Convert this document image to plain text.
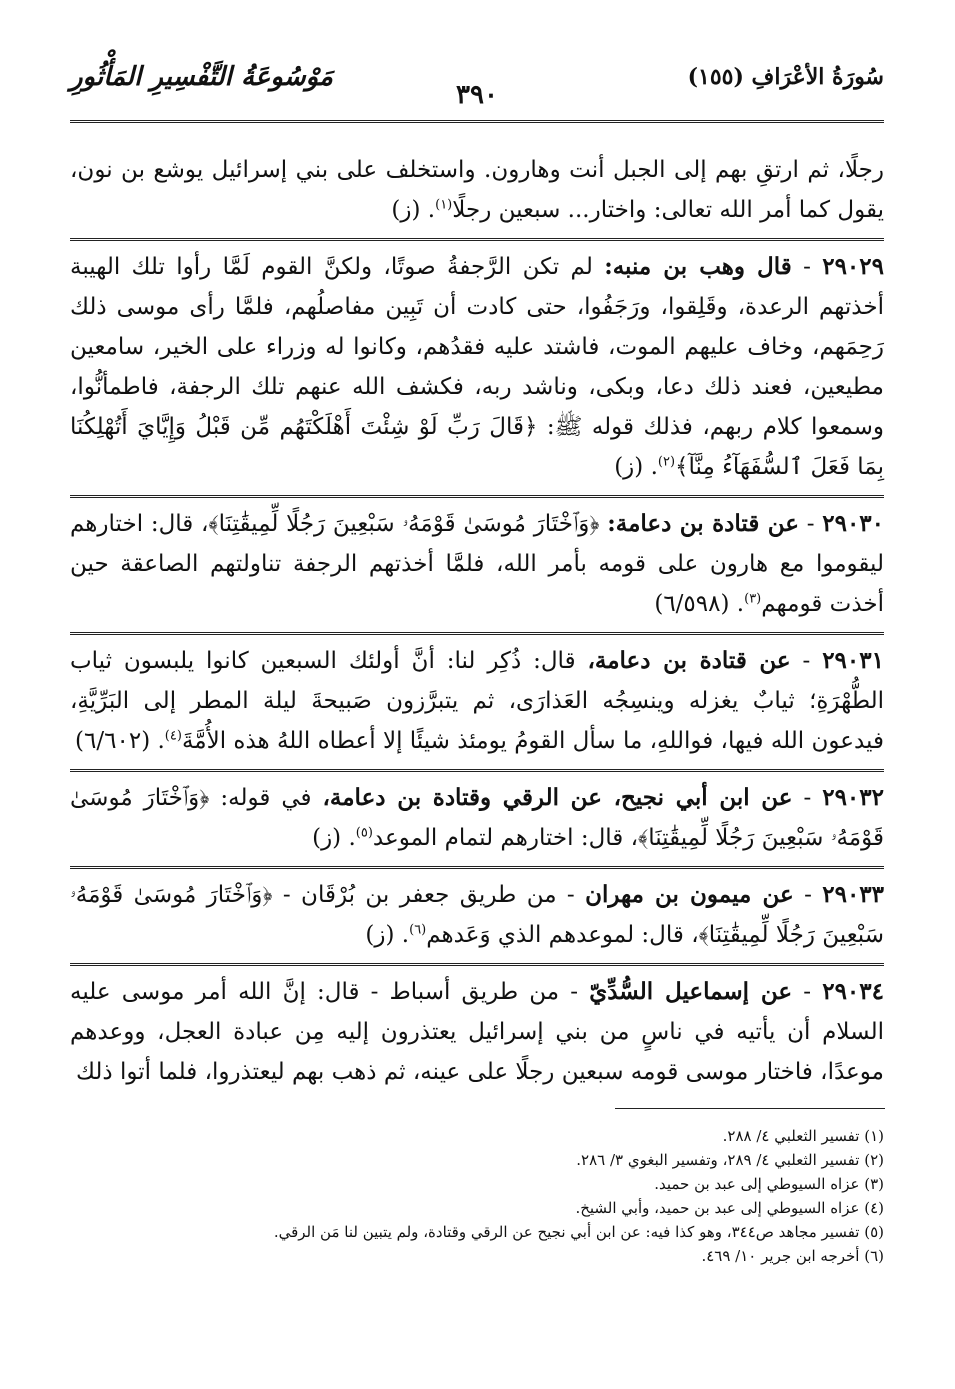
سُورَةُ الأعْرَافِ (١٥٥)
٣٩٠
مَوْسُوعَةُ التَّفْسِيرِ المَأْثُورِ

رجلًا، ثم ارتقِ بهم إلى الجبل أنت وهارون. واستخلف على بني إسرائيل يوشع بن نون، يقول كما أمر الله تعالى: واختار... سبعين رجلًا$^{(١)}$. (ز)

٢٩٠٢٩ - قال وهب بن منبه: لم تكن الرَّجفةُ صوتًا، ولكنَّ القوم لَمَّا رأوا تلك الهيبة أخذتهم الرعدة، وقَلِقوا، ورَجَفُوا، حتى كادت أن تَبِين مفاصلُهم، فلمَّا رأى موسى ذلك رَحِمَهم، وخاف عليهم الموت، فاشتد عليه فقدُهم، وكانوا له وزراء على الخير، سامعين مطيعين، فعند ذلك دعا، وبكى، وناشد ربه، فكشف الله عنهم تلك الرجفة، فاطمأنُّوا، وسمعوا كلام ربهم، فذلك قوله ﷺ: ﴿قَالَ رَبِّ لَوْ شِئْتَ أَهْلَكْتَهُم مِّن قَبْلُ وَإِيَّايَ أَتُهْلِكُنَا بِمَا فَعَلَ ٱلسُّفَهَآءُ مِنَّآ﴾$^{(٢)}$. (ز)

٢٩٠٣٠ - عن قتادة بن دعامة: ﴿وَٱخْتَارَ مُوسَىٰ قَوْمَهُۥ سَبْعِينَ رَجُلًا لِّمِيقَٰتِنَا﴾، قال: اختارهم ليقوموا مع هارون على قومه بأمر الله، فلمَّا أخذتهم الرجفة تناولتهم الصاعقة حين أخذت قومهم$^{(٣)}$. (٦/٥٩٨)

٢٩٠٣١ - عن قتادة بن دعامة، قال: ذُكِر لنا: أنَّ أولئك السبعين كانوا يلبسون ثياب الطُّهْرَةِ؛ ثيابٌ يغزله وينسِجُه العَذارَى، ثم يتبرَّزون صَبيحةَ ليلة المطر إلى البَرِّيَّةِ، فيدعون الله فيها، فواللهِ، ما سأل القومُ يومئذ شيئًا إلا أعطاه اللهُ هذه الأُمَّةَ$^{(٤)}$. (٦/٦٠٢)

٢٩٠٣٢ - عن ابن أبي نجيح، عن الرقي وقتادة بن دعامة، في قوله: ﴿وَٱخْتَارَ مُوسَىٰ قَوْمَهُۥ سَبْعِينَ رَجُلًا لِّمِيقَٰتِنَا﴾، قال: اختارهم لتمام الموعد$^{(٥)}$. (ز)

٢٩٠٣٣ - عن ميمون بن مهران - من طريق جعفر بن بُرْقَان - ﴿وَٱخْتَارَ مُوسَىٰ قَوْمَهُۥ سَبْعِينَ رَجُلًا لِّمِيقَٰتِنَا﴾، قال: لموعدهم الذي وَعَدهم$^{(٦)}$. (ز)

٢٩٠٣٤ - عن إسماعيل السُّدِّيّ - من طريق أسباط - قال: إنَّ الله أمر موسى عليه السلام أن يأتيه في ناسٍ من بني إسرائيل يعتذرون إليه مِن عبادة العجل، ووعدهم موعدًا، فاختار موسى قومه سبعين رجلًا على عينه، ثم ذهب بهم ليعتذروا، فلما أتوا ذلك

(١) تفسير الثعلبي ٤/ ٢٨٨.

(٢) تفسير الثعلبي ٤/ ٢٨٩، وتفسير البغوي ٣/ ٢٨٦.

(٣) عزاه السيوطي إلى عبد بن حميد.

(٤) عزاه السيوطي إلى عبد بن حميد، وأبي الشيخ.

(٥) تفسير مجاهد ص٣٤٤، وهو كذا فيه: عن ابن أبي نجيح عن الرقي وقتادة، ولم يتبين لنا مَن الرقي.

(٦) أخرجه ابن جرير ١٠/ ٤٦٩.
